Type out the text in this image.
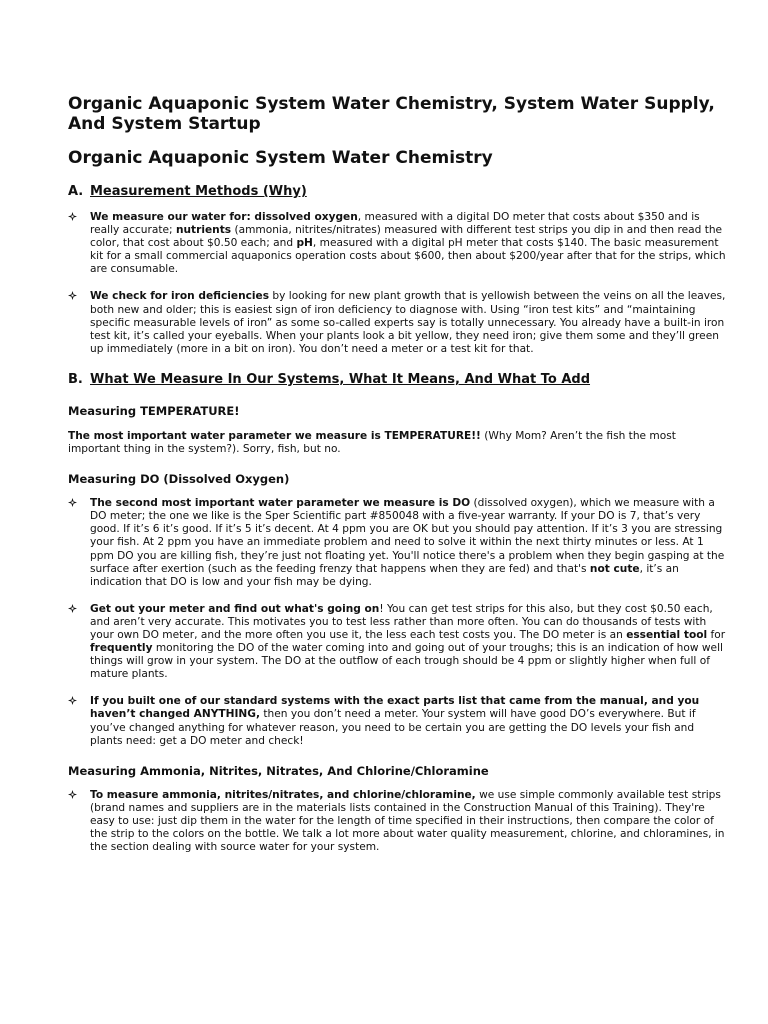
Organic Aquaponic System Water Chemistry, System Water Supply, And System Startup
Organic Aquaponic System Water Chemistry
A. Measurement Methods (Why)
We measure our water for: dissolved oxygen, measured with a digital DO meter that costs about $350 and is really accurate; nutrients (ammonia, nitrites/nitrates) measured with different test strips you dip in and then read the color, that cost about $0.50 each; and pH, measured with a digital pH meter that costs $140. The basic measurement kit for a small commercial aquaponics operation costs about $600, then about $200/year after that for the strips, which are consumable.
We check for iron deficiencies by looking for new plant growth that is yellowish between the veins on all the leaves, both new and older; this is easiest sign of iron deficiency to diagnose with. Using “iron test kits” and “maintaining specific measurable levels of iron” as some so-called experts say is totally unnecessary. You already have a built-in iron test kit, it’s called your eyeballs. When your plants look a bit yellow, they need iron; give them some and they’ll green up immediately (more in a bit on iron). You don’t need a meter or a test kit for that.
B. What We Measure In Our Systems, What It Means, And What To Add
Measuring TEMPERATURE!
The most important water parameter we measure is TEMPERATURE!! (Why Mom? Aren’t the fish the most important thing in the system?). Sorry, fish, but no.
Measuring DO (Dissolved Oxygen)
The second most important water parameter we measure is DO (dissolved oxygen), which we measure with a DO meter; the one we like is the Sper Scientific part #850048 with a five-year warranty. If your DO is 7, that’s very good. If it’s 6 it’s good. If it’s 5 it’s decent. At 4 ppm you are OK but you should pay attention. If it’s 3 you are stressing your fish. At 2 ppm you have an immediate problem and need to solve it within the next thirty minutes or less. At 1 ppm DO you are killing fish, they’re just not floating yet. You'll notice there's a problem when they begin gasping at the surface after exertion (such as the feeding frenzy that happens when they are fed) and that's not cute, it’s an indication that DO is low and your fish may be dying.
Get out your meter and find out what's going on! You can get test strips for this also, but they cost $0.50 each, and aren’t very accurate. This motivates you to test less rather than more often. You can do thousands of tests with your own DO meter, and the more often you use it, the less each test costs you. The DO meter is an essential tool for frequently monitoring the DO of the water coming into and going out of your troughs; this is an indication of how well things will grow in your system. The DO at the outflow of each trough should be 4 ppm or slightly higher when full of mature plants.
If you built one of our standard systems with the exact parts list that came from the manual, and you haven’t changed ANYTHING, then you don’t need a meter. Your system will have good DO’s everywhere. But if you’ve changed anything for whatever reason, you need to be certain you are getting the DO levels your fish and plants need: get a DO meter and check!
Measuring Ammonia, Nitrites, Nitrates, And Chlorine/Chloramine
To measure ammonia, nitrites/nitrates, and chlorine/chloramine, we use simple commonly available test strips (brand names and suppliers are in the materials lists contained in the Construction Manual of this Training). They're easy to use: just dip them in the water for the length of time specified in their instructions, then compare the color of the strip to the colors on the bottle. We talk a lot more about water quality measurement, chlorine, and chloramines, in the section dealing with source water for your system.
